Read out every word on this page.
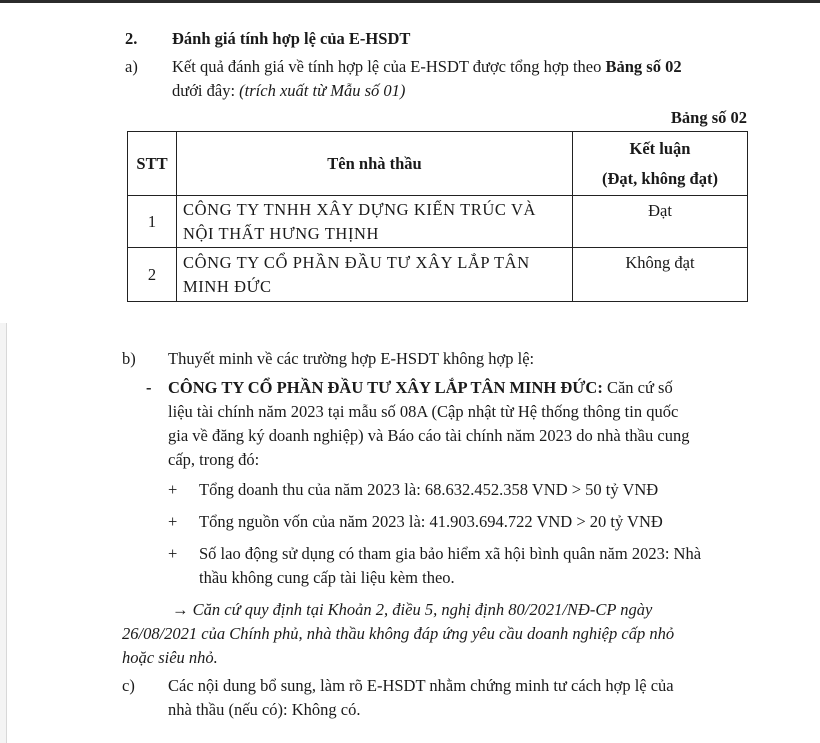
2. Đánh giá tính hợp lệ của E-HSDT
a) Kết quả đánh giá về tính hợp lệ của E-HSDT được tổng hợp theo Bảng số 02
dưới đây: (trích xuất từ Mẫu số 01)
Bảng số 02
STT	Tên nhà thầu	Kết luận
(Đạt, không đạt)

1	CÔNG TY TNHH XÂY DỰNG KIẾN TRÚC VÀ
NỘI THẤT HƯNG THỊNH	Đạt
2	CÔNG TY CỔ PHẦN ĐẦU TƯ XÂY LẮP TÂN
MINH ĐỨC	Không đạt
b) Thuyết minh về các trường hợp E-HSDT không hợp lệ:
- CÔNG TY CỔ PHẦN ĐẦU TƯ XÂY LẮP TÂN MINH ĐỨC: Căn cứ số
liệu tài chính năm 2023 tại mẫu số 08A (Cập nhật từ Hệ thống thông tin quốc
gia về đăng ký doanh nghiệp) và Báo cáo tài chính năm 2023 do nhà thầu cung
cấp, trong đó:
+ Tổng doanh thu của năm 2023 là: 68.632.452.358 VND > 50 tỷ VNĐ
+ Tổng nguồn vốn của năm 2023 là: 41.903.694.722 VND > 20 tỷ VNĐ
+ Số lao động sử dụng có tham gia bảo hiểm xã hội bình quân năm 2023: Nhà
thầu không cung cấp tài liệu kèm theo.
→ Căn cứ quy định tại Khoản 2, điều 5, nghị định 80/2021/NĐ-CP ngày
26/08/2021 của Chính phủ, nhà thầu không đáp ứng yêu cầu doanh nghiệp cấp nhỏ
hoặc siêu nhỏ.
c) Các nội dung bổ sung, làm rõ E-HSDT nhằm chứng minh tư cách hợp lệ của
nhà thầu (nếu có): Không có.
